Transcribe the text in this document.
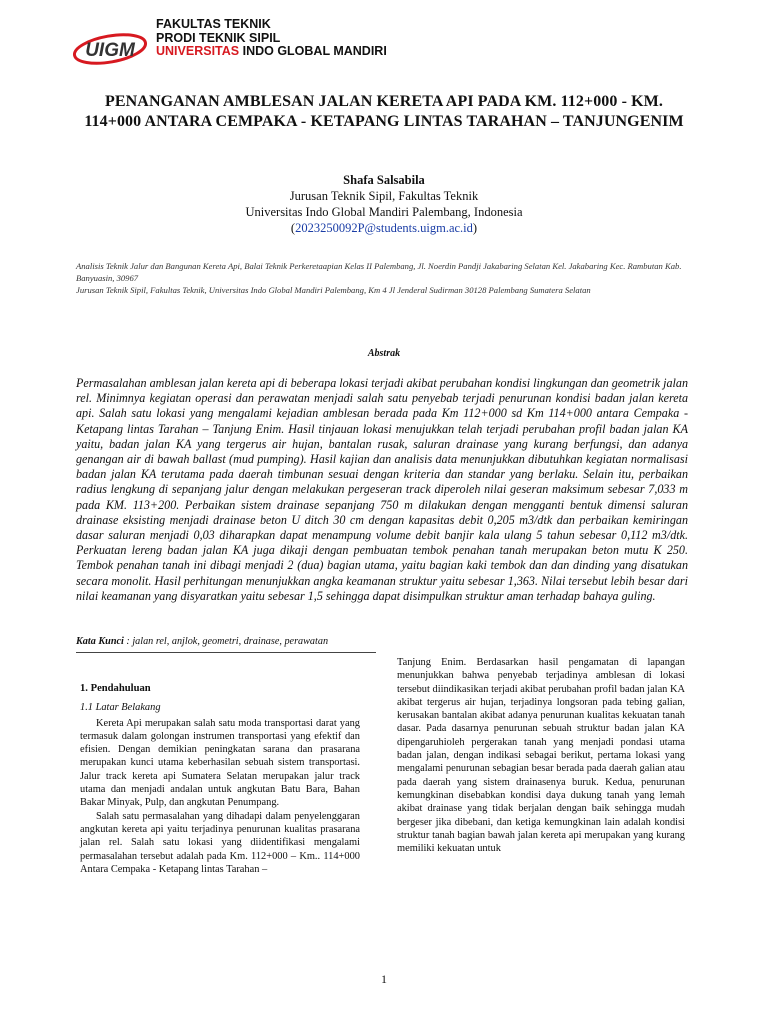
UIGM
FAKULTAS TEKNIK
PRODI TEKNIK SIPIL
UNIVERSITAS INDO GLOBAL MANDIRI
PENANGANAN AMBLESAN JALAN KERETA API PADA KM. 112+000 - KM.
114+000 ANTARA CEMPAKA - KETAPANG LINTAS TARAHAN – TANJUNGENIM
Shafa Salsabila
Jurusan Teknik Sipil, Fakultas Teknik
Universitas Indo Global Mandiri Palembang, Indonesia
(2023250092P@students.uigm.ac.id)
Analisis Teknik Jalur dan Bangunan Kereta Api, Balai Teknik Perkeretaapian Kelas II Palembang, Jl. Noerdin Pandji Jakabaring Selatan Kel. Jakabaring Kec. Rambutan Kab. Banyuasin, 30967
Jurusan Teknik Sipil, Fakultas Teknik, Universitas Indo Global Mandiri Palembang, Km 4 Jl Jenderal Sudirman 30128 Palembang Sumatera Selatan
Abstrak
Permasalahan amblesan jalan kereta api di beberapa lokasi terjadi akibat perubahan kondisi lingkungan dan geometrik jalan rel. Minimnya kegiatan operasi dan perawatan menjadi salah satu penyebab terjadi penurunan kondisi badan jalan kereta api. Salah satu lokasi yang mengalami kejadian amblesan berada pada Km 112+000 sd Km 114+000 antara Cempaka - Ketapang lintas Tarahan – Tanjung Enim. Hasil tinjauan lokasi menujukkan telah terjadi perubahan profil badan jalan KA yaitu, badan jalan KA yang tergerus air hujan, bantalan rusak, saluran drainase yang kurang berfungsi, dan adanya genangan air di bawah ballast (mud pumping). Hasil kajian dan analisis data menunjukkan dibutuhkan kegiatan normalisasi badan jalan KA terutama pada daerah timbunan sesuai dengan kriteria dan standar yang berlaku. Selain itu, perbaikan radius lengkung di sepanjang jalur dengan melakukan pergeseran track diperoleh nilai geseran maksimum sebesar 7,033 m pada KM. 113+200. Perbaikan sistem drainase sepanjang 750 m dilakukan dengan mengganti bentuk dimensi saluran drainase eksisting menjadi drainase beton U ditch 30 cm dengan kapasitas debit 0,205 m3/dtk dan perbaikan kemiringan dasar saluran menjadi 0,03 diharapkan dapat menampung volume debit banjir kala ulang 5 tahun sebesar 0,112 m3/dtk. Perkuatan lereng badan jalan KA juga dikaji dengan pembuatan tembok penahan tanah merupakan beton mutu K 250. Tembok penahan tanah ini dibagi menjadi 2 (dua) bagian utama, yaitu bagian kaki tembok dan dan dinding yang disatukan secara monolit. Hasil perhitungan menunjukkan angka keamanan struktur yaitu sebesar 1,363. Nilai tersebut lebih besar dari nilai keamanan yang disyaratkan yaitu sebesar 1,5 sehingga dapat disimpulkan struktur aman terhadap bahaya guling.
Kata Kunci : jalan rel, anjlok, geometri, drainase, perawatan
1. Pendahuluan
1.1 Latar Belakang

Kereta Api merupakan salah satu moda transportasi darat yang termasuk dalam golongan instrumen transportasi yang efektif dan efisien. Dengan demikian peningkatan sarana dan prasarana merupakan kunci utama keberhasilan sebuah sistem transportasi. Jalur track kereta api Sumatera Selatan merupakan jalur track utama dan menjadi andalan untuk angkutan Batu Bara, Bahan Bakar Minyak, Pulp, dan angkutan Penumpang.

Salah satu permasalahan yang dihadapi dalam penyelenggaran angkutan kereta api yaitu terjadinya penurunan kualitas prasarana jalan rel. Salah satu lokasi yang diidentifikasi mengalami permasalahan tersebut adalah pada Km. 112+000 – Km.. 114+000 Antara Cempaka - Ketapang lintas Tarahan –

Tanjung Enim. Berdasarkan hasil pengamatan di lapangan menunjukkan bahwa penyebab terjadinya amblesan di lokasi tersebut diindikasikan terjadi akibat perubahan profil badan jalan KA akibat tergerus air hujan, terjadinya longsoran pada tebing galian, kerusakan bantalan akibat adanya penurunan kualitas kekuatan tanah dasar. Pada dasarnya penurunan sebuah struktur badan jalan KA dipengaruhioleh pergerakan tanah yang menjadi pondasi utama badan jalan, dengan indikasi sebagai berikut, pertama lokasi yang mengalami penurunan sebagian besar berada pada daerah galian atau pada daerah yang sistem drainasenya buruk. Kedua, penurunan kemungkinan disebabkan kondisi daya dukung tanah yang lemah akibat drainase yang tidak berjalan dengan baik sehingga mudah bergeser jika dibebani, dan ketiga kemungkinan lain adalah kondisi struktur tanah bagian bawah jalan kereta api merupakan yang kurang memiliki kekuatan untuk
1
